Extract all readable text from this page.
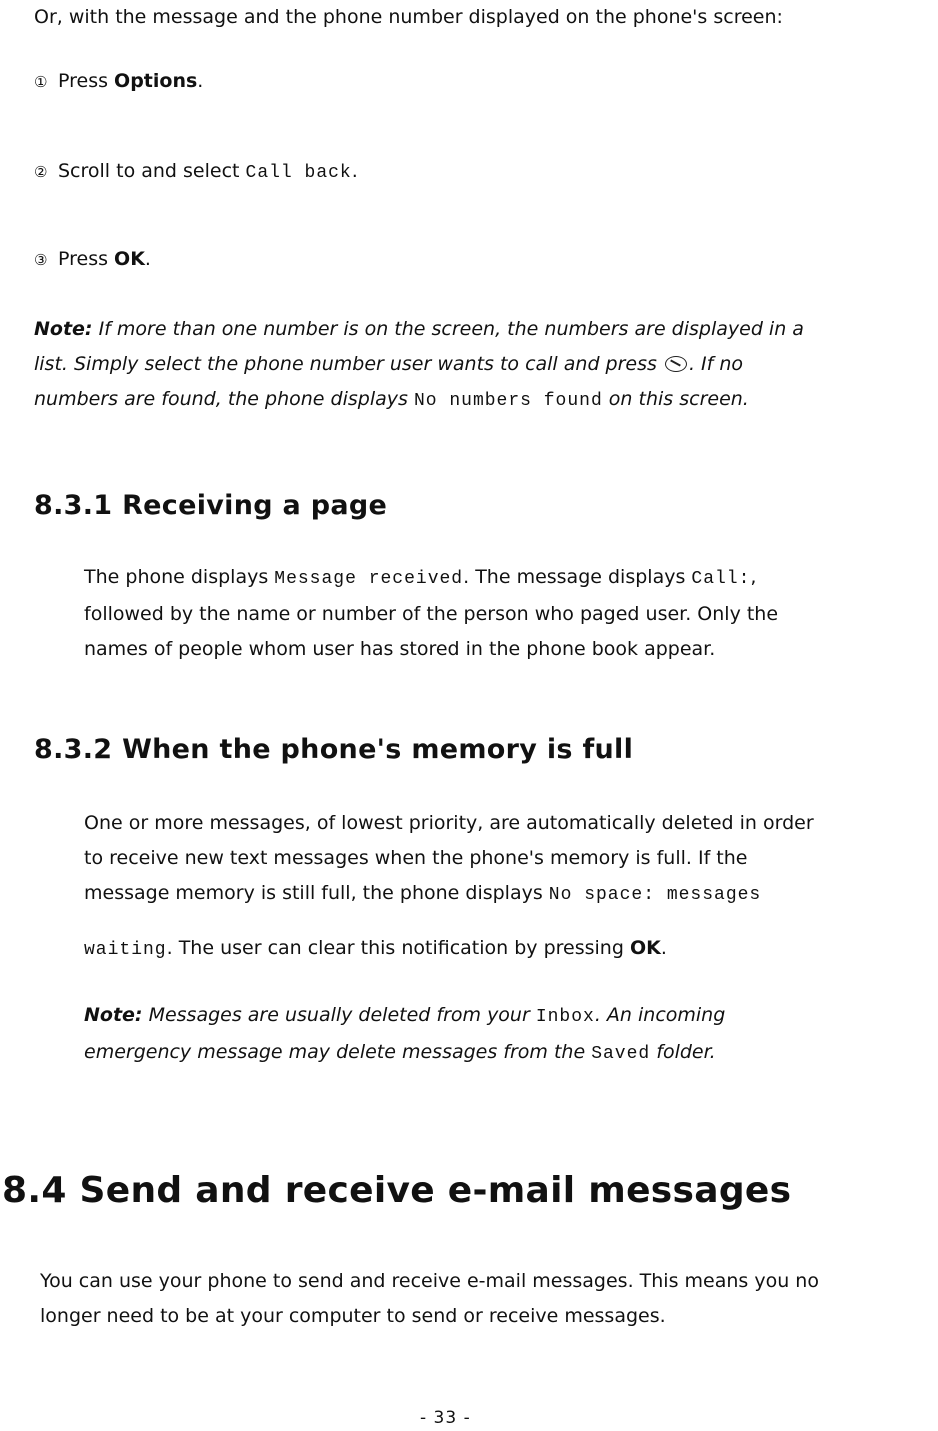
Or, with the message and the phone number displayed on the phone's screen:
① Press Options.
② Scroll to and select Call back.
③ Press OK.
Note: If more than one number is on the screen, the numbers are displayed in a
list. Simply select the phone number user wants to call and press . If no
numbers are found, the phone displays No numbers found on this screen.
8.3.1 Receiving a page
The phone displays Message received. The message displays Call:,
followed by the name or number of the person who paged user. Only the
names of people whom user has stored in the phone book appear.
8.3.2 When the phone's memory is full
One or more messages, of lowest priority, are automatically deleted in order
to receive new text messages when the phone's memory is full. If the
message memory is still full, the phone displays No space: messages
waiting. The user can clear this notification by pressing OK.
Note: Messages are usually deleted from your Inbox. An incoming
emergency message may delete messages from the Saved folder.
8.4 Send and receive e-mail messages
You can use your phone to send and receive e-mail messages. This means you no
longer need to be at your computer to send or receive messages.
- 33 -
